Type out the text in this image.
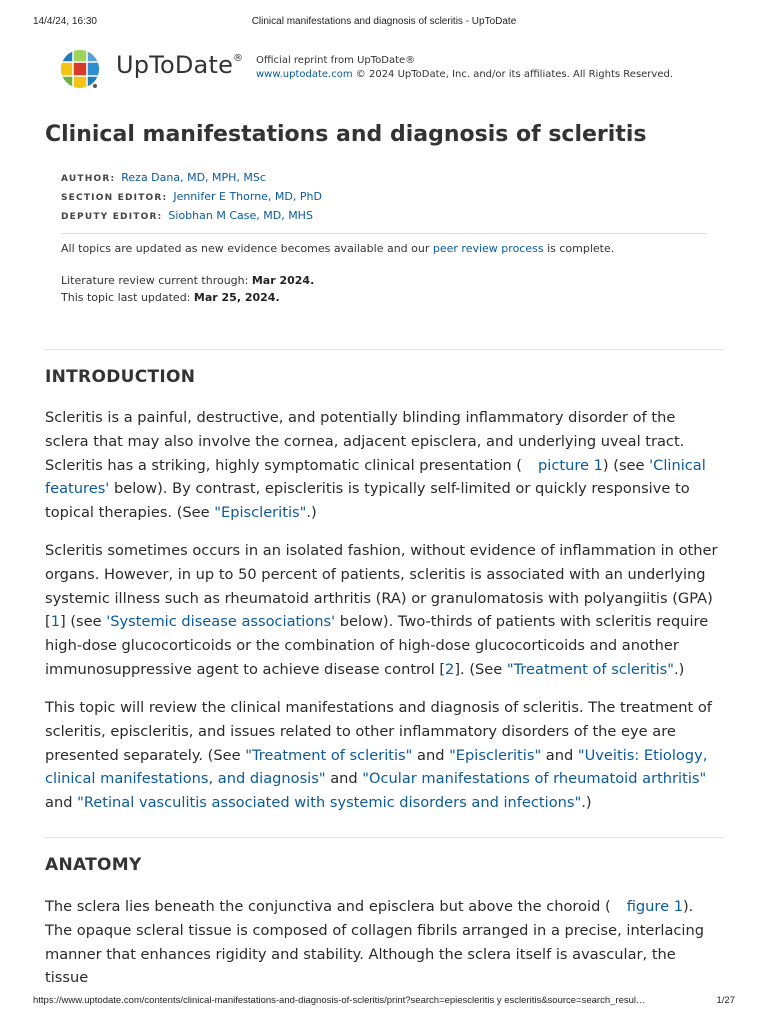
14/4/24, 16:30	Clinical manifestations and diagnosis of scleritis - UpToDate
UpToDate® Official reprint from UpToDate®
www.uptodate.com © 2024 UpToDate, Inc. and/or its affiliates. All Rights Reserved.
Clinical manifestations and diagnosis of scleritis
AUTHOR: Reza Dana, MD, MPH, MSc
SECTION EDITOR: Jennifer E Thorne, MD, PhD
DEPUTY EDITOR: Siobhan M Case, MD, MHS
All topics are updated as new evidence becomes available and our peer review process is complete.
Literature review current through: Mar 2024.
This topic last updated: Mar 25, 2024.
INTRODUCTION

Scleritis is a painful, destructive, and potentially blinding inflammatory disorder of the sclera that may also involve the cornea, adjacent episclera, and underlying uveal tract. Scleritis has a striking, highly symptomatic clinical presentation ( picture 1) (see 'Clinical features' below). By contrast, episcleritis is typically self-limited or quickly responsive to topical therapies. (See "Episcleritis".)

Scleritis sometimes occurs in an isolated fashion, without evidence of inflammation in other organs. However, in up to 50 percent of patients, scleritis is associated with an underlying systemic illness such as rheumatoid arthritis (RA) or granulomatosis with polyangiitis (GPA) [1] (see 'Systemic disease associations' below). Two-thirds of patients with scleritis require high-dose glucocorticoids or the combination of high-dose glucocorticoids and another immunosuppressive agent to achieve disease control [2]. (See "Treatment of scleritis".)

This topic will review the clinical manifestations and diagnosis of scleritis. The treatment of scleritis, episcleritis, and issues related to other inflammatory disorders of the eye are presented separately. (See "Treatment of scleritis" and "Episcleritis" and "Uveitis: Etiology, clinical manifestations, and diagnosis" and "Ocular manifestations of rheumatoid arthritis" and "Retinal vasculitis associated with systemic disorders and infections".)

ANATOMY

The sclera lies beneath the conjunctiva and episclera but above the choroid ( figure 1). The opaque scleral tissue is composed of collagen fibrils arranged in a precise, interlacing manner that enhances rigidity and stability. Although the sclera itself is avascular, the tissue

https://www.uptodate.com/contents/clinical-manifestations-and-diagnosis-of-scleritis/print?search=epiescleritis y escleritis&source=search_resul…	1/27
